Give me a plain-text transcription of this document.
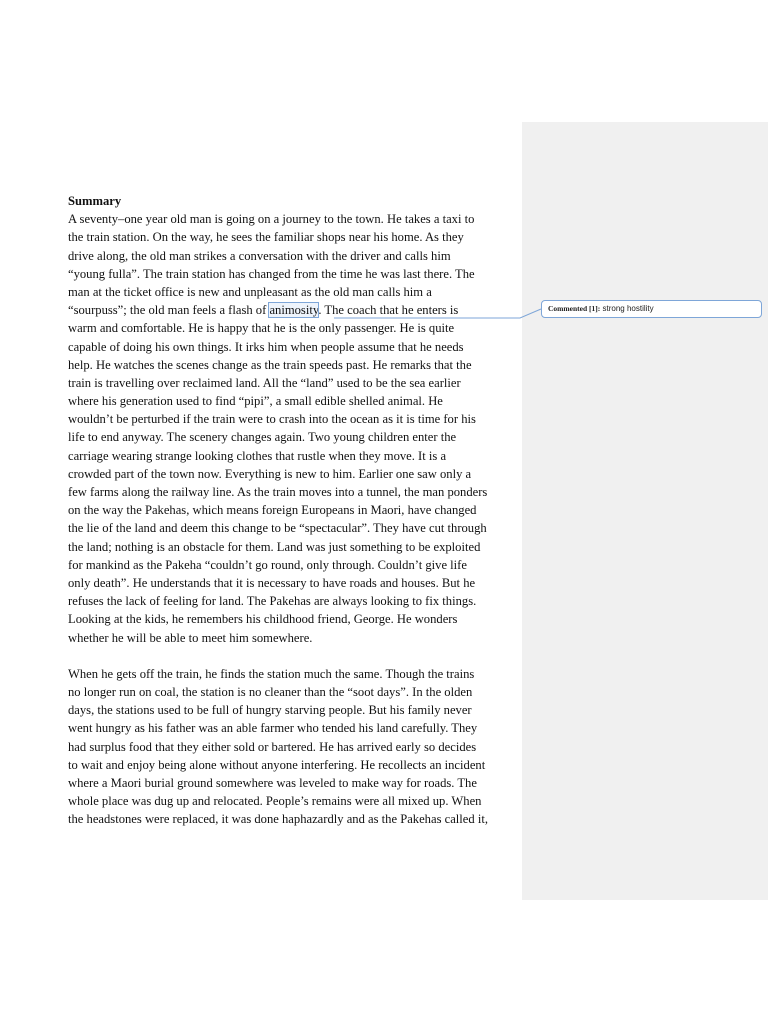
Commented [1]: strong hostility
Summary
A seventy–one year old man is going on a journey to the town. He takes a taxi to
the train station. On the way, he sees the familiar shops near his home. As they
drive along, the old man strikes a conversation with the driver and calls him
“young fulla”. The train station has changed from the time he was last there. The
man at the ticket office is new and unpleasant as the old man calls him a
“sourpuss”; the old man feels a flash of animosity. The coach that he enters is
warm and comfortable. He is happy that he is the only passenger. He is quite
capable of doing his own things. It irks him when people assume that he needs
help. He watches the scenes change as the train speeds past. He remarks that the
train is travelling over reclaimed land. All the “land” used to be the sea earlier
where his generation used to find “pipi”, a small edible shelled animal. He
wouldn’t be perturbed if the train were to crash into the ocean as it is time for his
life to end anyway. The scenery changes again. Two young children enter the
carriage wearing strange looking clothes that rustle when they move. It is a
crowded part of the town now. Everything is new to him. Earlier one saw only a
few farms along the railway line. As the train moves into a tunnel, the man ponders
on the way the Pakehas, which means foreign Europeans in Maori, have changed
the lie of the land and deem this change to be “spectacular”. They have cut through
the land; nothing is an obstacle for them. Land was just something to be exploited
for mankind as the Pakeha “couldn’t go round, only through. Couldn’t give life
only death”. He understands that it is necessary to have roads and houses. But he
refuses the lack of feeling for land. The Pakehas are always looking to fix things.
Looking at the kids, he remembers his childhood friend, George. He wonders
whether he will be able to meet him somewhere.
When he gets off the train, he finds the station much the same. Though the trains
no longer run on coal, the station is no cleaner than the “soot days”. In the olden
days, the stations used to be full of hungry starving people. But his family never
went hungry as his father was an able farmer who tended his land carefully. They
had surplus food that they either sold or bartered. He has arrived early so decides
to wait and enjoy being alone without anyone interfering. He recollects an incident
where a Maori burial ground somewhere was leveled to make way for roads. The
whole place was dug up and relocated. People’s remains were all mixed up. When
the headstones were replaced, it was done haphazardly and as the Pakehas called it,
